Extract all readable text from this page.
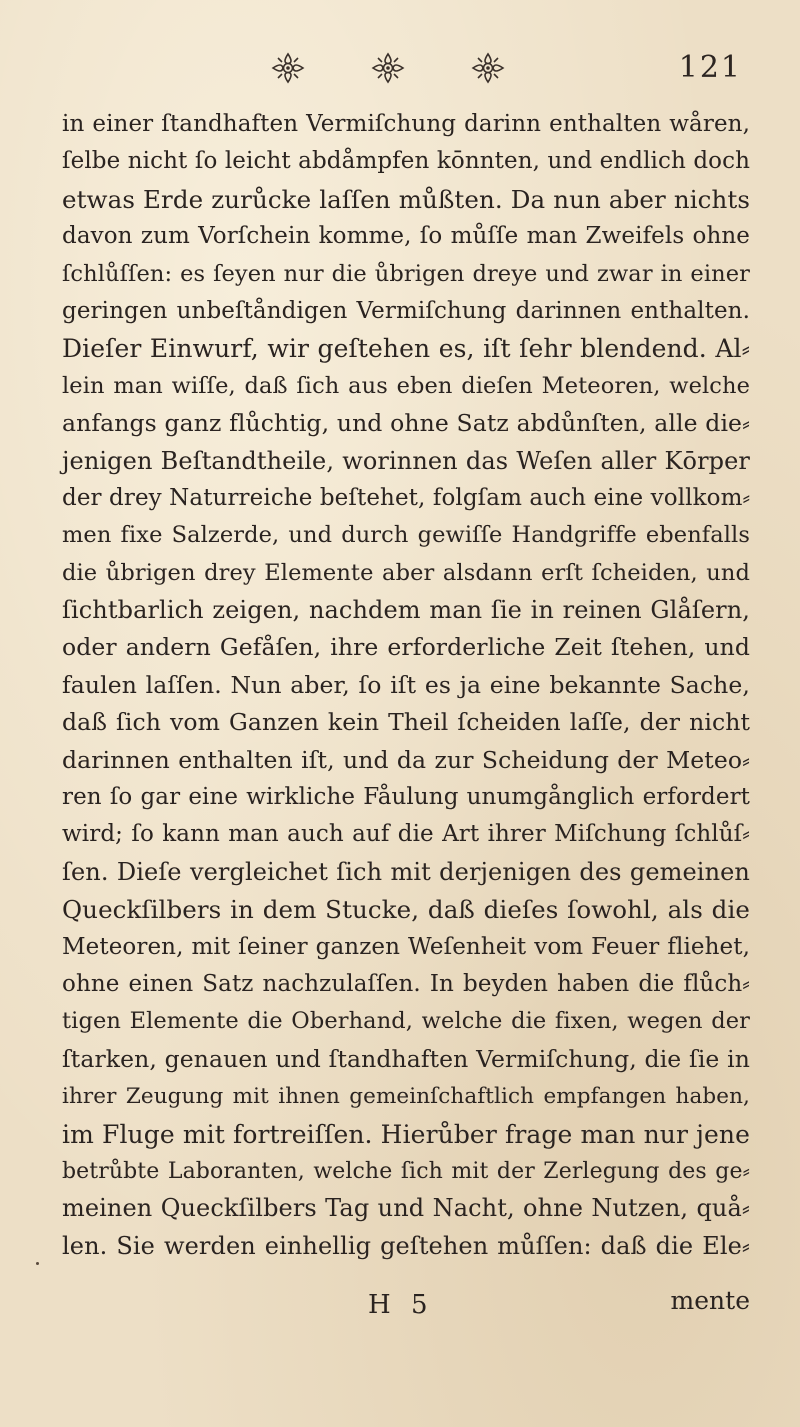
121
in einer ſtandhaften Vermiſchung darinn enthalten wåren,
ſelbe nicht ſo leicht abdåmpfen kōnnten, und endlich doch
etwas Erde zurůcke laſſen můßten. Da nun aber nichts
davon zum Vorſchein komme, ſo můſſe man Zweifels ohne
ſchlůſſen: es ſeyen nur die ůbrigen dreye und zwar in einer
geringen unbeſtåndigen Vermiſchung darinnen enthalten.
Dieſer Einwurf, wir geſtehen es, iſt ſehr blendend. Al⸗
lein man wiſſe, daß ſich aus eben dieſen Meteoren, welche
anfangs ganz flůchtig, und ohne Satz abdůnſten, alle die⸗
jenigen Beſtandtheile, worinnen das Weſen aller Kōrper
der drey Naturreiche beſtehet, folgſam auch eine vollkom⸗
men fixe Salzerde, und durch gewiſſe Handgriffe ebenfalls
die ůbrigen drey Elemente aber alsdann erſt ſcheiden, und
ſichtbarlich zeigen, nachdem man ſie in reinen Glåſern,
oder andern Gefåſen, ihre erforderliche Zeit ſtehen, und
faulen laſſen. Nun aber, ſo iſt es ja eine bekannte Sache,
daß ſich vom Ganzen kein Theil ſcheiden laſſe, der nicht
darinnen enthalten iſt, und da zur Scheidung der Meteo⸗
ren ſo gar eine wirkliche Fåulung unumgånglich erfordert
wird; ſo kann man auch auf die Art ihrer Miſchung ſchlůſ⸗
ſen. Dieſe vergleichet ſich mit derjenigen des gemeinen
Queckſilbers in dem Stucke, daß dieſes ſowohl, als die
Meteoren, mit ſeiner ganzen Weſenheit vom Feuer fliehet,
ohne einen Satz nachzulaſſen. In beyden haben die flůch⸗
tigen Elemente die Oberhand, welche die fixen, wegen der
ſtarken, genauen und ſtandhaften Vermiſchung, die ſie in
ihrer Zeugung mit ihnen gemeinſchaftlich empfangen haben,
im Fluge mit fortreiſſen. Hierůber frage man nur jene
betrůbte Laboranten, welche ſich mit der Zerlegung des ge⸗
meinen Queckſilbers Tag und Nacht, ohne Nutzen, quå⸗
len. Sie werden einhellig geſtehen můſſen: daß die Ele⸗
H 5	mente
